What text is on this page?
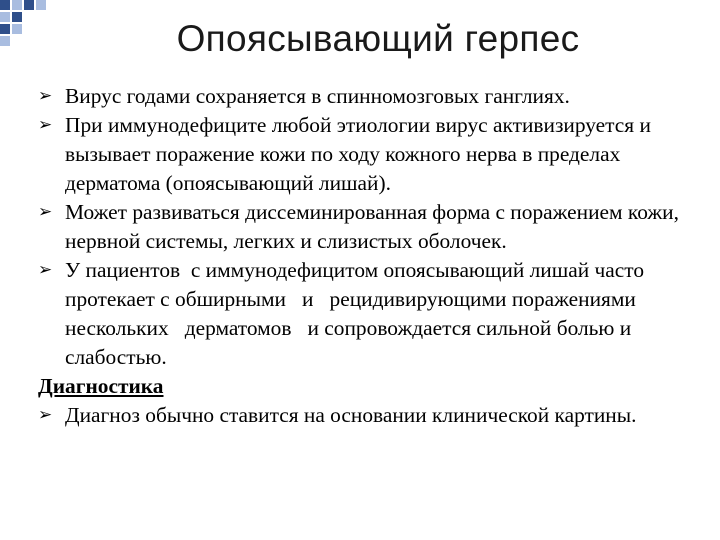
Опоясывающий герпес
➢ Вирус годами сохраняется в спинномозговых ганглиях.
➢ При иммунодефиците любой этиологии вирус активизируется и вызывает поражение кожи по ходу кожного нерва в пределах дерматома (опоясывающий лишай).
➢ Может развиваться диссеминированная форма с поражением кожи, нервной системы, легких и слизистых оболочек.
➢ У пациентов  с иммунодефицитом опоясывающий лишай часто протекает с обширными   и   рецидивирующими поражениями   нескольких   дерматомов   и сопровождается сильной болью и слабостью.
Диагностика
➢ Диагноз обычно ставится на основании клинической картины.
